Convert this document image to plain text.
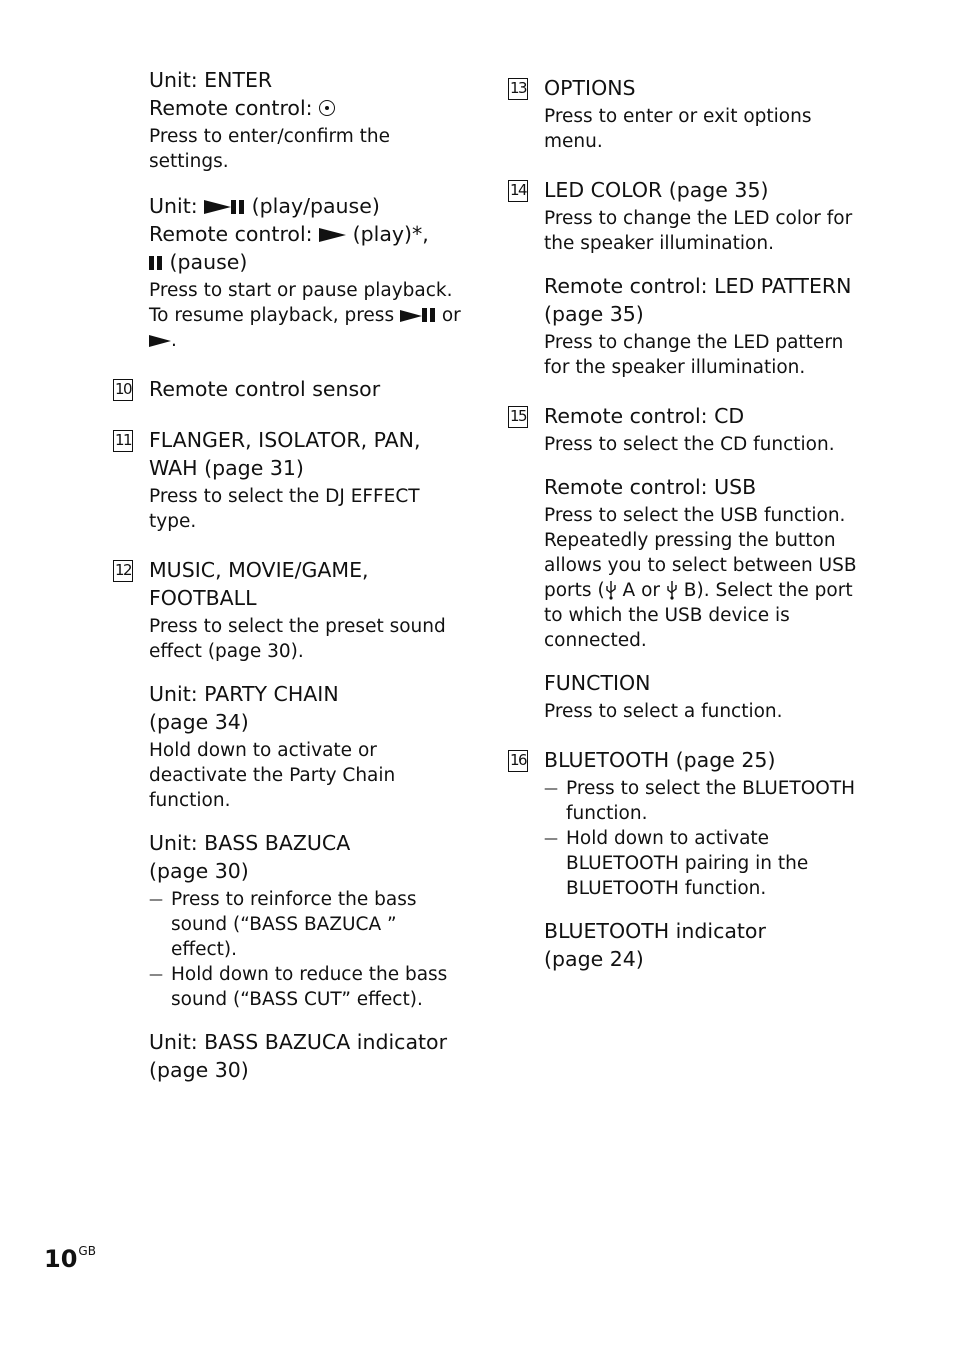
Unit: ENTER
Remote control:

Press to enter/confirm the settings.

Unit:  (play/pause)
Remote control:  (play)*,
(pause)

Press to start or pause playback. To resume playback, press  or .

10 Remote control sensor
11 FLANGER, ISOLATOR, PAN,
WAH (page 31)

Press to select the DJ EFFECT type.

12 MUSIC, MOVIE/GAME,
FOOTBALL

Press to select the preset sound effect (page 30).

Unit: PARTY CHAIN
(page 34)

Hold down to activate or deactivate the Party Chain function.

Unit: BASS BAZUCA
(page 30)
— Press to reinforce the bass sound (“BASS BAZUCA ” effect).
— Hold down to reduce the bass sound (“BASS CUT” effect).
Unit: BASS BAZUCA indicator
(page 30)
13 OPTIONS

Press to enter or exit options menu.

14 LED COLOR (page 35)

Press to change the LED color for the speaker illumination.

Remote control: LED PATTERN
(page 35)

Press to change the LED pattern for the speaker illumination.

15 Remote control: CD

Press to select the CD function.

Remote control: USB

Press to select the USB function. Repeatedly pressing the button allows you to select between USB ports ( A or  B). Select the port to which the USB device is connected.

FUNCTION

Press to select a function.

16 BLUETOOTH (page 25)
— Press to select the BLUETOOTH function.
— Hold down to activate BLUETOOTH pairing in the BLUETOOTH function.
BLUETOOTH indicator
(page 24)
$10^{GB}$
